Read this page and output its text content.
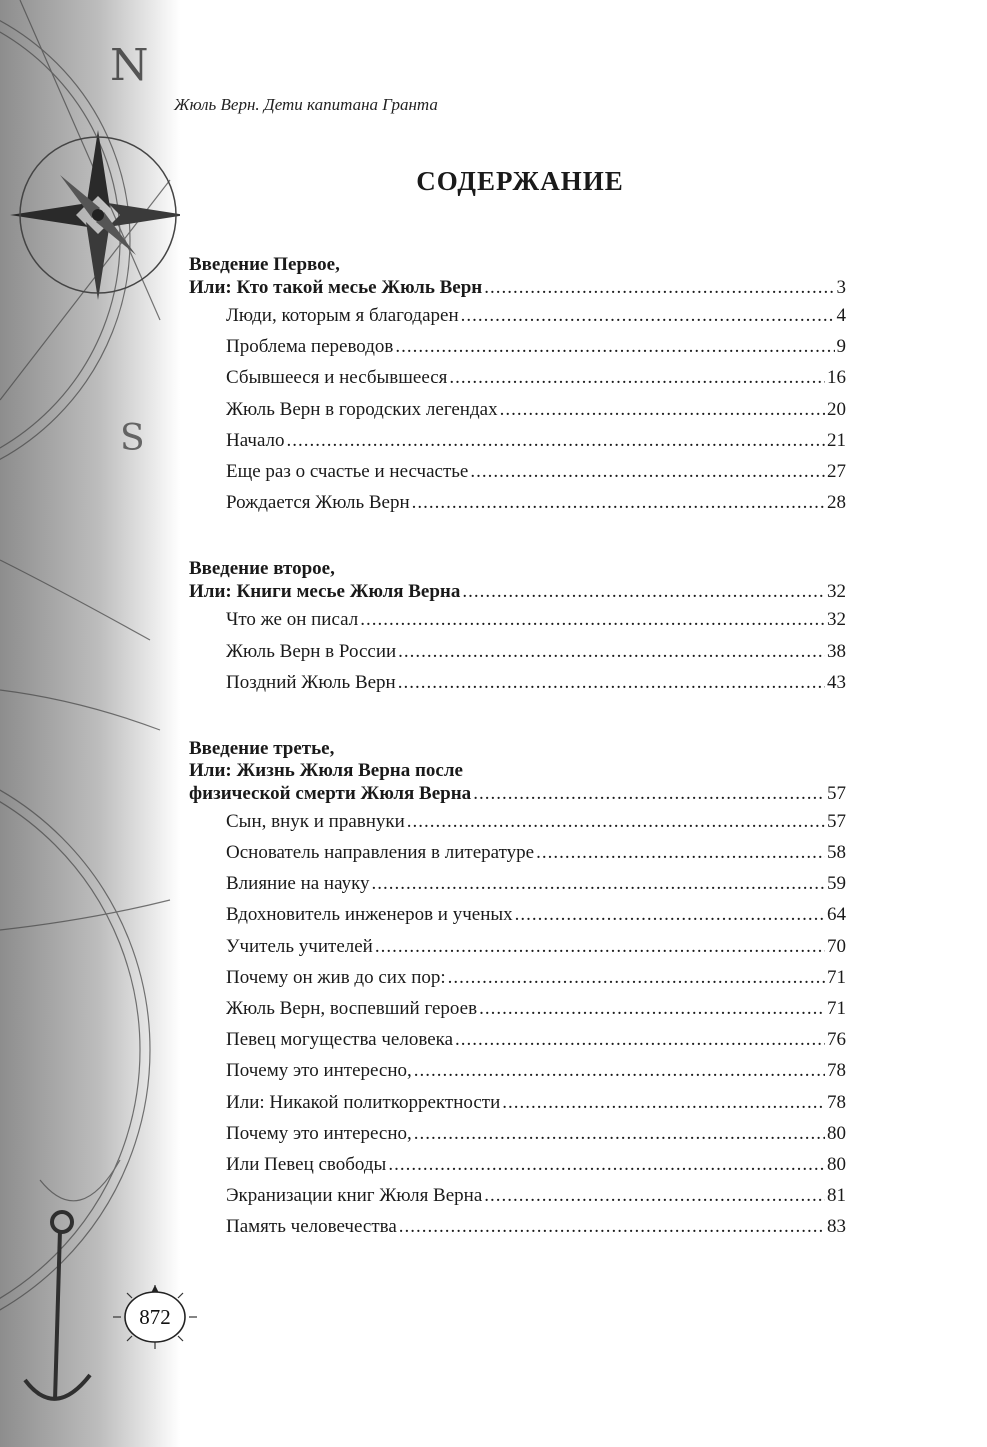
N
S
Жюль Верн. Дети капитана Гранта
СОДЕРЖАНИЕ
Введение Первое,
Или: Кто такой месье Жюль Верн .....	3
Люди, которым я благодарен .....	4
Проблема переводов .....	9
Сбывшееся и несбывшееся .....	16
Жюль Верн в городских легендах .....	20
Начало .....	21
Еще раз о счастье и несчастье .....	27
Рождается Жюль Верн .....	28
Введение второе,
Или: Книги месье Жюля Верна .....	32
Что же он писал .....	32
Жюль Верн в России .....	38
Поздний Жюль Верн .....	43
Введение третье,
Или: Жизнь Жюля Верна после
физической смерти Жюля Верна .....	57
Сын, внук и правнуки .....	57
Основатель направления в литературе .....	58
Влияние на науку .....	59
Вдохновитель инженеров и ученых .....	64
Учитель учителей .....	70
Почему он жив до сих пор: .....	71
Жюль Верн, воспевший героев .....	71
Певец могущества человека .....	76
Почему это интересно, .....	78
Или: Никакой политкорректности .....	78
Почему это интересно, .....	80
Или Певец свободы .....	80
Экранизации книг Жюля Верна .....	81
Память человечества .....	83
872
